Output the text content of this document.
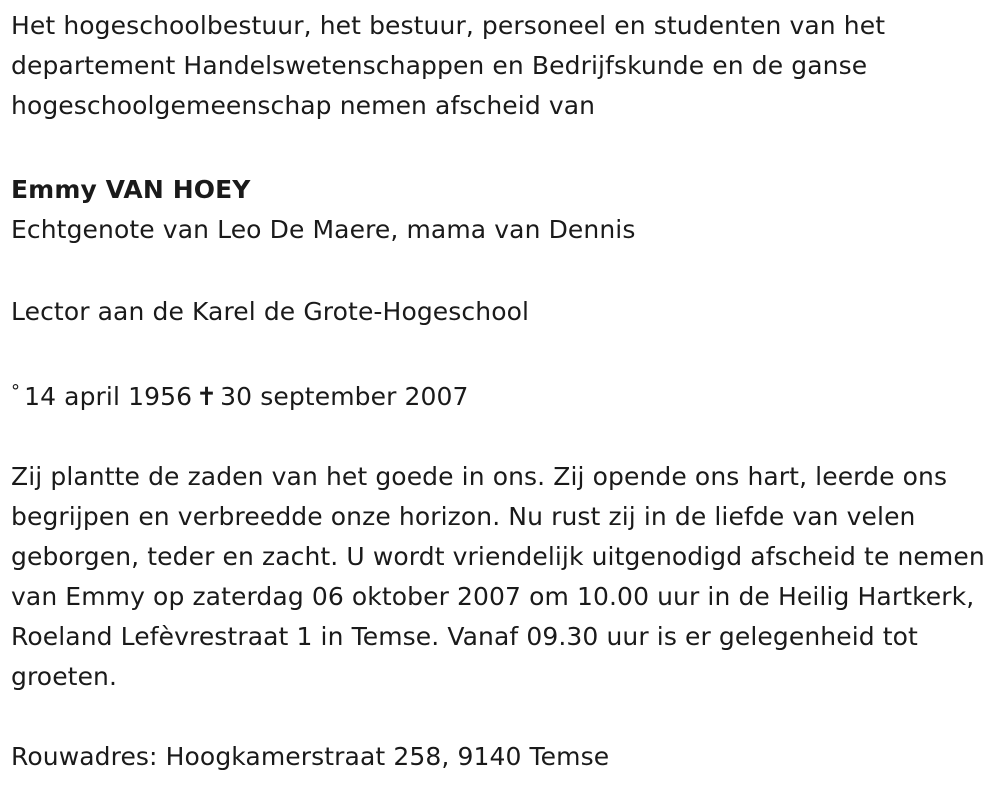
Het hogeschoolbestuur, het bestuur, personeel en studenten van het departement Handelswetenschappen en Bedrijfskunde en de ganse hogeschoolgemeenschap nemen afscheid van

Emmy VAN HOEY

Echtgenote van Leo De Maere, mama van Dennis

Lector aan de Karel de Grote-Hogeschool

° 14 april 1956 ✝ 30 september 2007

Zij plantte de zaden van het goede in ons. Zij opende ons hart, leerde ons begrijpen en verbreedde onze horizon. Nu rust zij in de liefde van velen geborgen, teder en zacht. U wordt vriendelijk uitgenodigd afscheid te nemen van Emmy op zaterdag 06 oktober 2007 om 10.00 uur in de Heilig Hartkerk, Roeland Lefèvrestraat 1 in Temse. Vanaf 09.30 uur is er gelegenheid tot groeten.

Rouwadres: Hoogkamerstraat 258, 9140 Temse
